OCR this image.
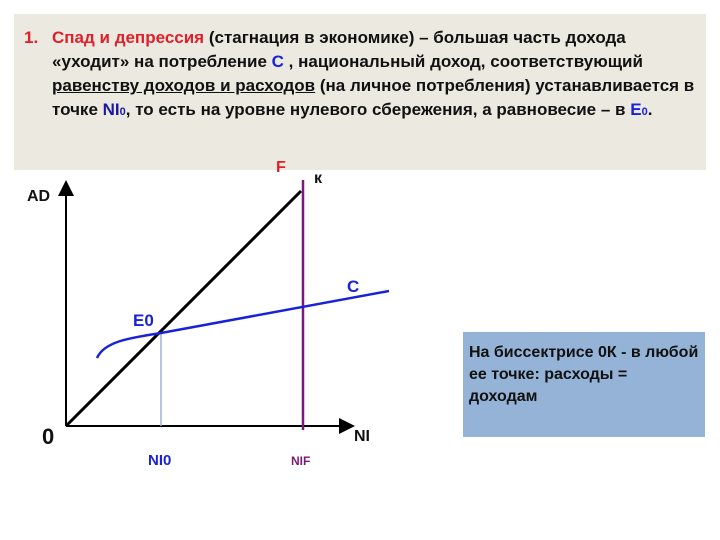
1. Спад и депрессия (стагнация в экономике) – большая часть дохода «уходит» на потребление С , национальный доход, соответствующий равенству доходов и расходов (на личное потребления) устанавливается в точке NI0, то есть на уровне нулевого сбережения, а равновесие – в Е0.
AD
NI
0
F
к
C
E0
NI0	NIF
На биссектрисе 0К - в любой ее точке: расходы = доходам
